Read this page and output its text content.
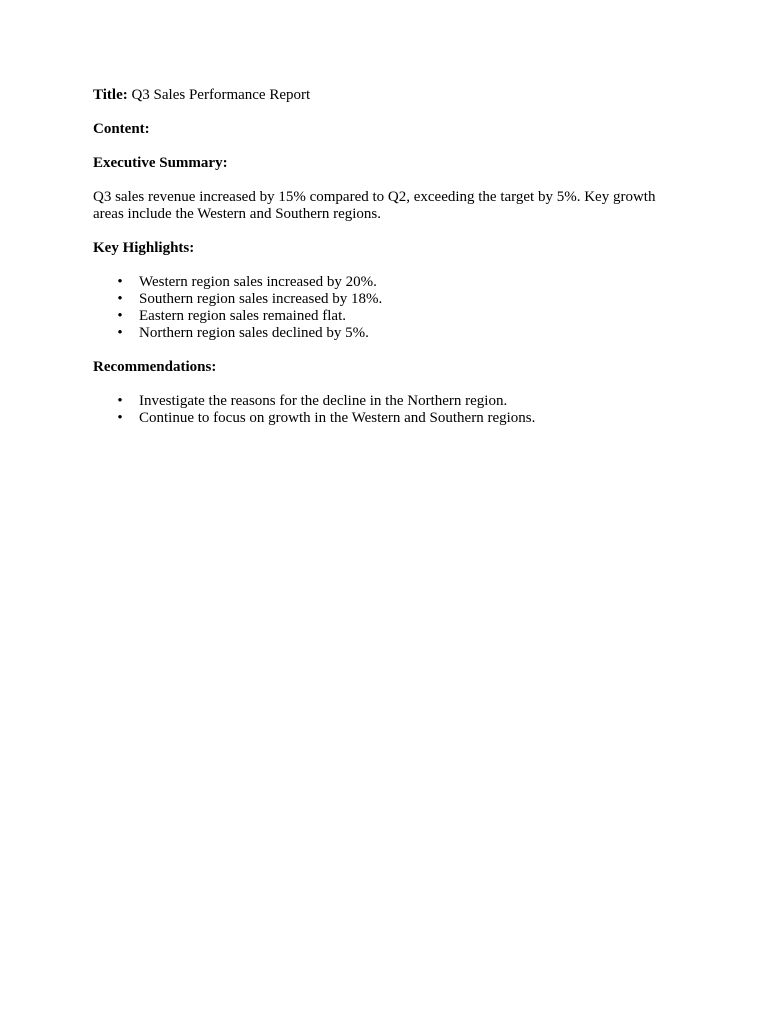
Title: Q3 Sales Performance Report

Content:

Executive Summary:

Q3 sales revenue increased by 15% compared to Q2, exceeding the target by 5%. Key growth areas include the Western and Southern regions.

Key Highlights:

• Western region sales increased by 20%.
• Southern region sales increased by 18%.
• Eastern region sales remained flat.
• Northern region sales declined by 5%.

Recommendations:

• Investigate the reasons for the decline in the Northern region.
• Continue to focus on growth in the Western and Southern regions.
